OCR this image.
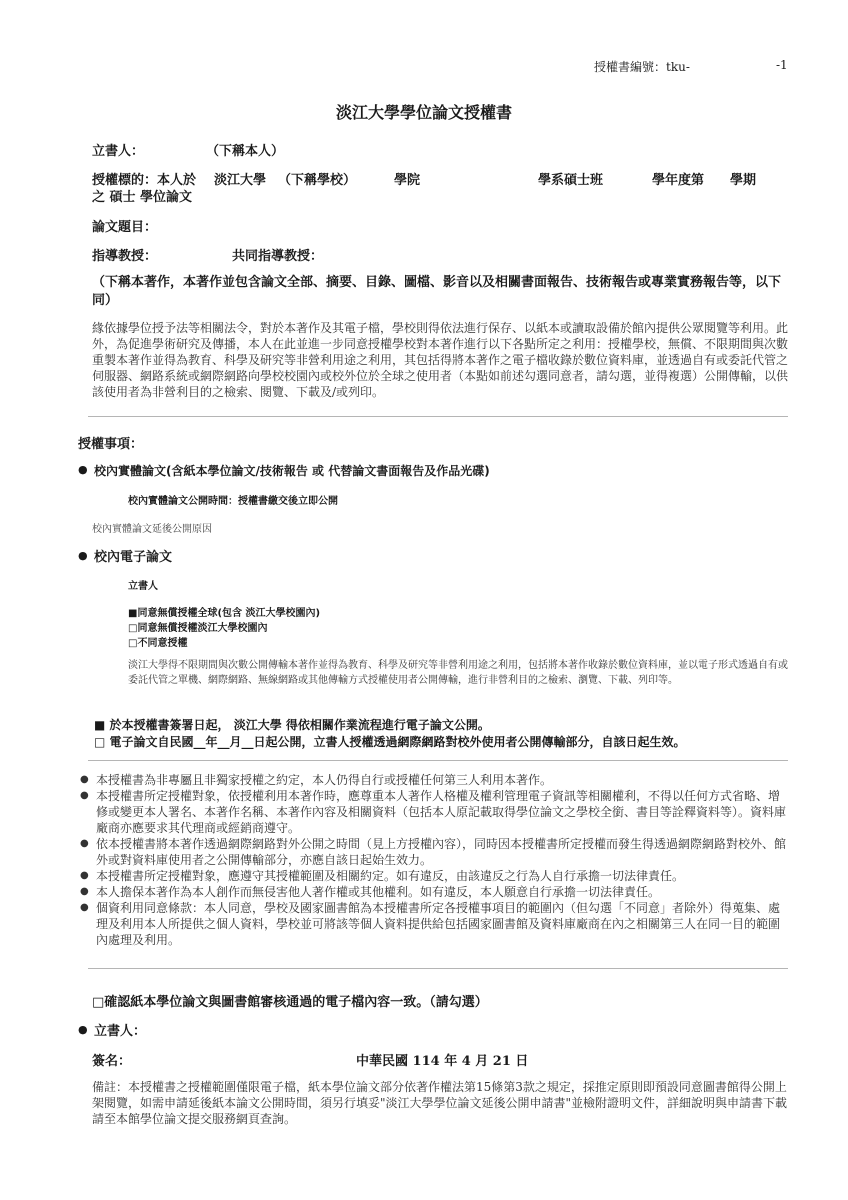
授權書編號：tku-	-1
淡江大學學位論文授權書
立書人：	（下稱本人）
授權標的：本人於 淡江大學 （下稱學校）	學院	學系碩士班	學年度第 學期
之 碩士 學位論文
論文題目：
指導教授：	共同指導教授：
（下稱本著作，本著作並包含論文全部、摘要、目錄、圖檔、影音以及相關書面報告、技術報告或專業實務報告等，以下同）
緣依據學位授予法等相關法令，對於本著作及其電子檔，學校則得依法進行保存、以紙本或讀取設備於館內提供公眾閱覽等利用。此外，為促進學術研究及傳播，本人在此並進一步同意授權學校對本著作進行以下各點所定之利用：授權學校，無償、不限期間與次數重製本著作並得為教育、科學及研究等非營利用途之利用，其包括得將本著作之電子檔收錄於數位資料庫，並透過自有或委託代管之伺服器、網路系統或網際網路向學校校園內或校外位於全球之使用者（本點如前述勾選同意者，請勾選，並得複選）公開傳輸，以供該使用者為非營利目的之檢索、閱覽、下載及/或列印。
授權事項：
● 校內實體論文(含紙本學位論文/技術報告 或 代替論文書面報告及作品光碟)
校內實體論文公開時間：授權書繳交後立即公開
校內實體論文延後公開原因
● 校內電子論文
立書人
■同意無償授權全球(包含 淡江大學校園內)
□同意無償授權淡江大學校園內
□不同意授權
淡江大學得不限期間與次數公開傳輸本著作並得為教育、科學及研究等非營利用途之利用，包括將本著作收錄於數位資料庫，並以電子形式透過自有或委託代管之單機、網際網路、無線網路或其他傳輸方式授權使用者公開傳輸，進行非營利目的之檢索、瀏覽、下載、列印等。
■ 於本授權書簽署日起， 淡江大學 得依相關作業流程進行電子論文公開。
□ 電子論文自民國__年__月__日起公開，立書人授權透過網際網路對校外使用者公開傳輸部分，自該日起生效。
● 本授權書為非專屬且非獨家授權之約定，本人仍得自行或授權任何第三人利用本著作。
● 本授權書所定授權對象，依授權利用本著作時，應尊重本人著作人格權及權利管理電子資訊等相關權利，不得以任何方式省略、增修或變更本人署名、本著作名稱、本著作內容及相關資料（包括本人原記載取得學位論文之學校全銜、書目等詮釋資料等）。資料庫廠商亦應要求其代理商或經銷商遵守。
● 依本授權書將本著作透過網際網路對外公開之時間（見上方授權內容），同時因本授權書所定授權而發生得透過網際網路對校外、館外或對資料庫使用者之公開傳輸部分，亦應自該日起始生效力。
● 本授權書所定授權對象，應遵守其授權範圍及相關約定。如有違反，由該違反之行為人自行承擔一切法律責任。
● 本人擔保本著作為本人創作而無侵害他人著作權或其他權利。如有違反，本人願意自行承擔一切法律責任。
● 個資利用同意條款：本人同意，學校及國家圖書館為本授權書所定各授權事項目的範圍內（但勾選「不同意」者除外）得蒐集、處理及利用本人所提供之個人資料，學校並可將該等個人資料提供給包括國家圖書館及資料庫廠商在內之相關第三人在同一目的範圍內處理及利用。
□確認紙本學位論文與圖書館審核通過的電子檔內容一致。（請勾選）
● 立書人：
簽名：	中華民國 114 年 4 月 21 日
備註：本授權書之授權範圍僅限電子檔，紙本學位論文部分依著作權法第15條第3款之規定，採推定原則即預設同意圖書館得公開上架閱覽，如需申請延後紙本論文公開時間，須另行填妥"淡江大學學位論文延後公開申請書"並檢附證明文件，詳細說明與申請書下載請至本館學位論文提交服務網頁查詢。
